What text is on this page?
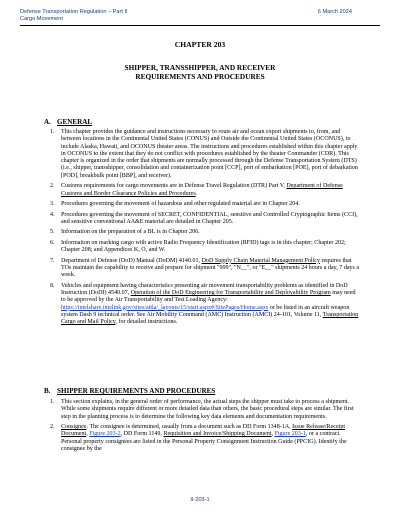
Defense Transportation Regulation – Part II
Cargo Movement
6 March 2024
CHAPTER 203
SHIPPER, TRANSSHIPPER, AND RECEIVER
REQUIREMENTS AND PROCEDURES
A. GENERAL
1. This chapter provides the guidance and instructions necessary to route air and ocean export shipments to, from, and between locations in the Continental United States (CONUS) and Outside the Continental United States (OCONUS), to include Alaska, Hawaii, and OCONUS theater areas. The instructions and procedures established within this chapter apply in OCONUS to the extent that they do not conflict with procedures established by the theater Commander (CDR). This chapter is organized in the order that shipments are normally processed through the Defense Transportation System (DTS) (i.e., shipper, transshipper, consolidation and containerization point [CCP], port of embarkation [POE], port of debarkation [POD], breakbulk point [BBP], and receiver).
2. Customs requirements for cargo movements are in Defense Travel Regulation (DTR) Part V, Department of Defense Customs and Border Clearance Policies and Procedures.
3. Procedures governing the movement of hazardous and other regulated material are in Chapter 204.
4. Procedures governing the movement of SECRET, CONFIDENTIAL, sensitive and Controlled Cryptographic Items (CCI), and sensitive conventional AA&E material are detailed in Chapter 205.
5. Information on the preparation of a BL is in Chapter 206.
6. Information on marking cargo with active Radio Frequency Identification (RFID) tags is in this chapter; Chapter 202; Chapter 208; and Appendices K, O, and W.
7. Department of Defense (DoD) Manual (DoDM) 4140.01, DoD Supply Chain Material Management Policy requires that TOs maintain the capability to receive and prepare for shipment "999", "N__", or "E__" shipments 24 hours a day, 7 days a week.
8. Vehicles and equipment having characteristics presenting air movement transportability problems as identified in DoD Instruction (DoDI) 4540.07, Operation of the DoD Engineering for Transportability and Deployability Program may need to be approved by the Air Transportability and Test Loading Agency: https://intelshare.intelink.gov/sites/attla/_layouts/15/start.aspx#/SitePages/Home.aspx or be listed in an aircraft weapon system Dash 9 technical order. See Air Mobility Command (AMC) Instruction (AMCI) 24-101, Volume 11, Transportation Cargo and Mail Policy, for detailed instructions.
B. SHIPPER REQUIREMENTS AND PROCEDURES
1. This section explains, in the general order of performance, the actual steps the shipper must take to process a shipment. While some shipments require different or more detailed data than others, the basic procedural steps are similar. The first step in the planning process is to determine the following key data elements and documentation requirements.
2. Consignee. The consignee is determined, usually from a document such as DD Form 1348-1A, Issue Release/Receipt Document, Figure 203-2, DD Form 1149, Requisition and Invoice/Shipping Document, Figure 203-1, or a contract. Personal property consignees are listed in the Personal Property Consignment Instruction Guide (PPCIG). Identify the consignee by the
II-203-1
